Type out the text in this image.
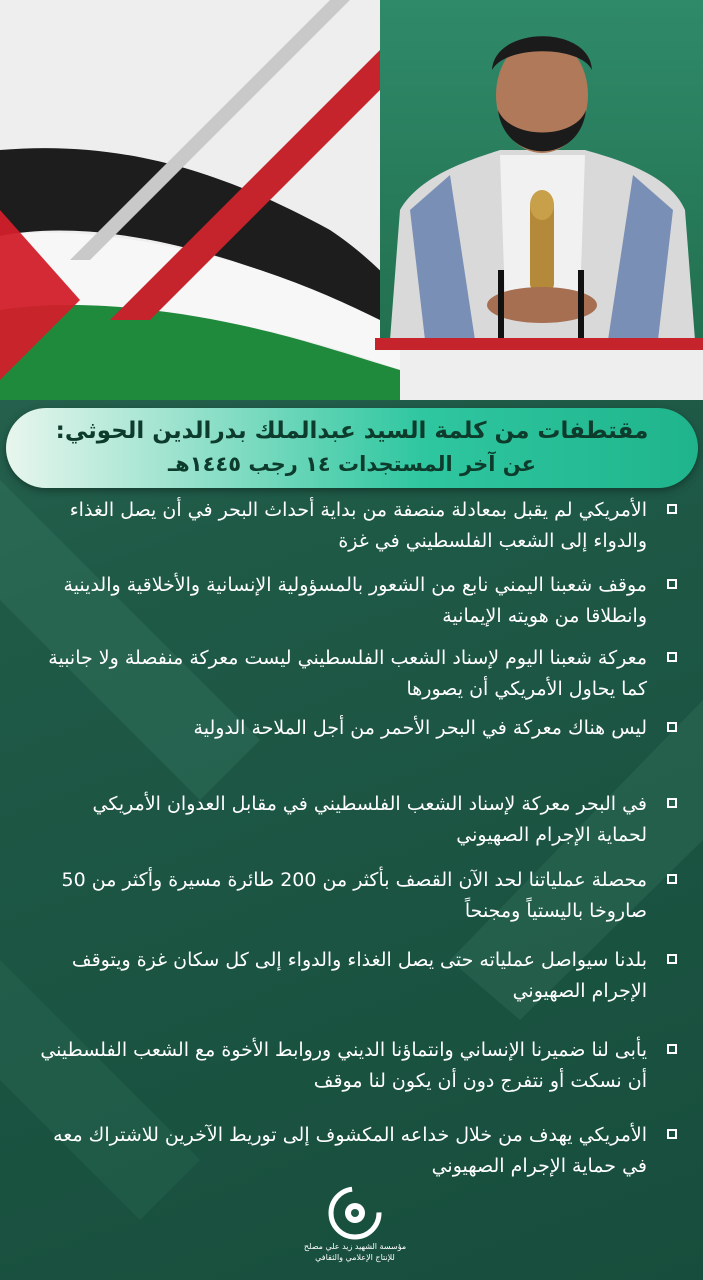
مقتطفات من كلمة السيد عبدالملك بدرالدين الحوثي:
عن آخر المستجدات ١٤ رجب ١٤٤٥هـ
الأمريكي لم يقبل بمعادلة منصفة من بداية أحداث البحر في أن يصل الغذاء والدواء إلى الشعب الفلسطيني في غزة
موقف شعبنا اليمني نابع من الشعور بالمسؤولية الإنسانية والأخلاقية والدينية وانطلاقا من هويته الإيمانية
معركة شعبنا اليوم لإسناد الشعب الفلسطيني ليست معركة منفصلة ولا جانبية كما يحاول الأمريكي أن يصورها
ليس هناك معركة في البحر الأحمر من أجل الملاحة الدولية
في البحر معركة لإسناد الشعب الفلسطيني في مقابل العدوان الأمريكي لحماية الإجرام الصهيوني
محصلة عملياتنا لحد الآن القصف بأكثر من 200 طائرة مسيرة وأكثر من 50 صاروخا باليستياً ومجنحاً
بلدنا سيواصل عملياته حتى يصل الغذاء والدواء إلى كل سكان غزة ويتوقف الإجرام الصهيوني
يأبى لنا ضميرنا الإنساني وانتماؤنا الديني وروابط الأخوة مع الشعب الفلسطيني أن نسكت أو نتفرج دون أن يكون لنا موقف
الأمريكي يهدف من خلال خداعه المكشوف إلى توريط الآخرين للاشتراك معه في حماية الإجرام الصهيوني
مؤسسة الشهيد زيد علي مصلح
للإنتاج الإعلامي والثقافي
